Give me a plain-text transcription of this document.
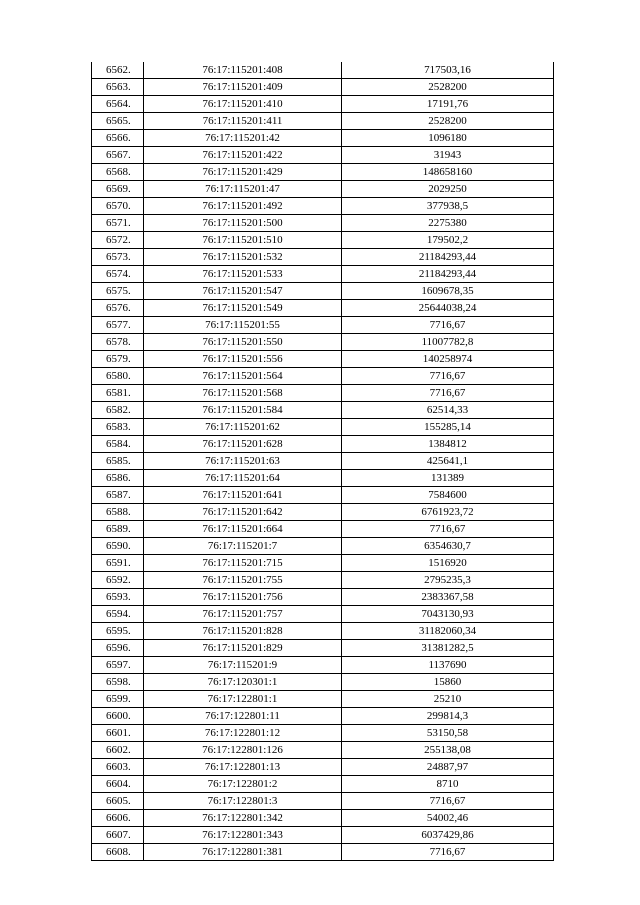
6562.	76:17:115201:408	717503,16
6563.	76:17:115201:409	2528200
6564.	76:17:115201:410	17191,76
6565.	76:17:115201:411	2528200
6566.	76:17:115201:42	1096180
6567.	76:17:115201:422	31943
6568.	76:17:115201:429	148658160
6569.	76:17:115201:47	2029250
6570.	76:17:115201:492	377938,5
6571.	76:17:115201:500	2275380
6572.	76:17:115201:510	179502,2
6573.	76:17:115201:532	21184293,44
6574.	76:17:115201:533	21184293,44
6575.	76:17:115201:547	1609678,35
6576.	76:17:115201:549	25644038,24
6577.	76:17:115201:55	7716,67
6578.	76:17:115201:550	11007782,8
6579.	76:17:115201:556	140258974
6580.	76:17:115201:564	7716,67
6581.	76:17:115201:568	7716,67
6582.	76:17:115201:584	62514,33
6583.	76:17:115201:62	155285,14
6584.	76:17:115201:628	1384812
6585.	76:17:115201:63	425641,1
6586.	76:17:115201:64	131389
6587.	76:17:115201:641	7584600
6588.	76:17:115201:642	6761923,72
6589.	76:17:115201:664	7716,67
6590.	76:17:115201:7	6354630,7
6591.	76:17:115201:715	1516920
6592.	76:17:115201:755	2795235,3
6593.	76:17:115201:756	2383367,58
6594.	76:17:115201:757	7043130,93
6595.	76:17:115201:828	31182060,34
6596.	76:17:115201:829	31381282,5
6597.	76:17:115201:9	1137690
6598.	76:17:120301:1	15860
6599.	76:17:122801:1	25210
6600.	76:17:122801:11	299814,3
6601.	76:17:122801:12	53150,58
6602.	76:17:122801:126	255138,08
6603.	76:17:122801:13	24887,97
6604.	76:17:122801:2	8710
6605.	76:17:122801:3	7716,67
6606.	76:17:122801:342	54002,46
6607.	76:17:122801:343	6037429,86
6608.	76:17:122801:381	7716,67
